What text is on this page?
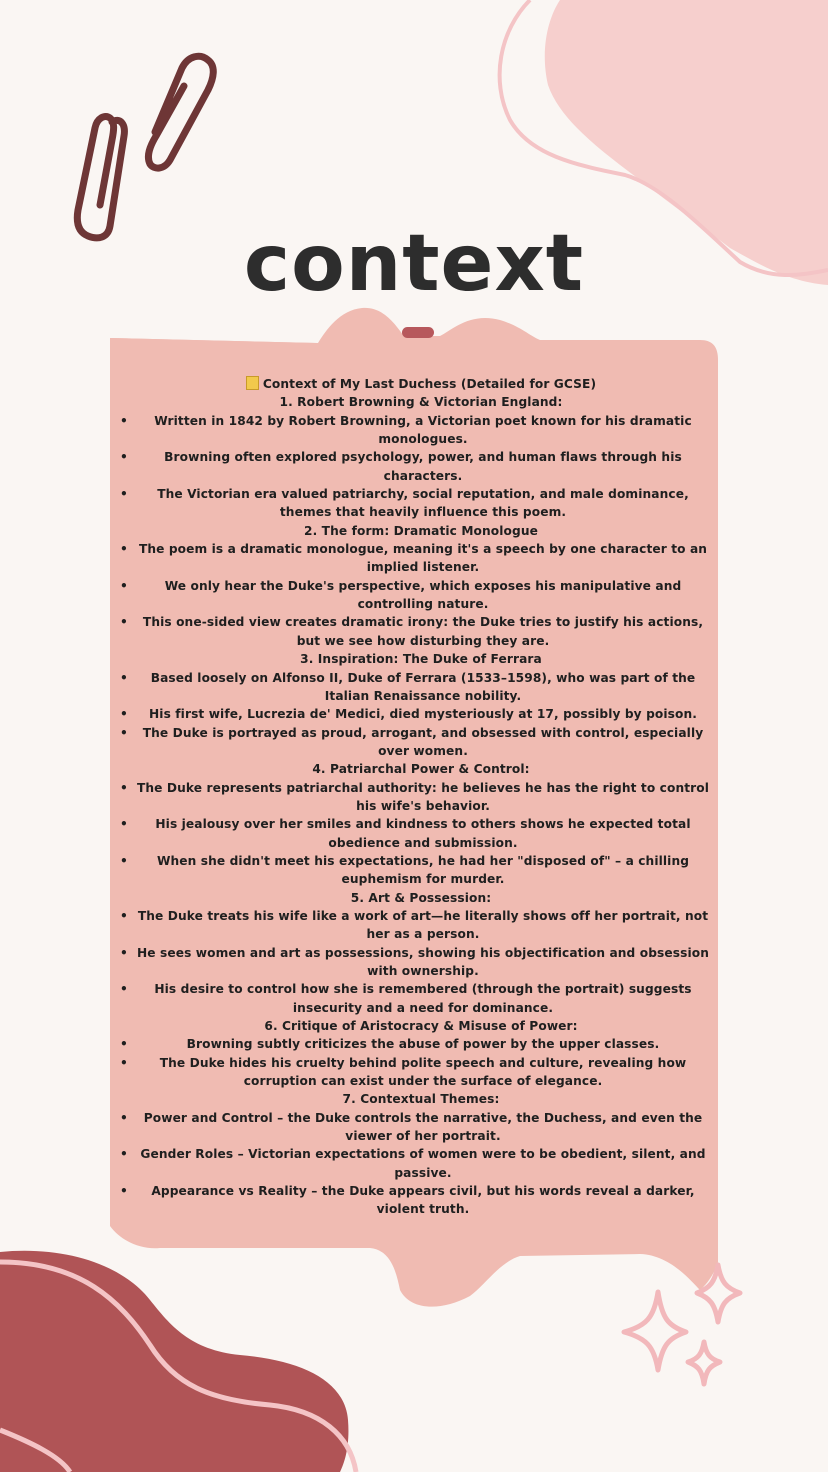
context
Context of My Last Duchess (Detailed for GCSE)
1. Robert Browning & Victorian England:
• Written in 1842 by Robert Browning, a Victorian poet known for his dramatic monologues.
• Browning often explored psychology, power, and human flaws through his characters.
• The Victorian era valued patriarchy, social reputation, and male dominance, themes that heavily influence this poem.
2. The form: Dramatic Monologue
• The poem is a dramatic monologue, meaning it's a speech by one character to an implied listener.
• We only hear the Duke's perspective, which exposes his manipulative and controlling nature.
• This one-sided view creates dramatic irony: the Duke tries to justify his actions, but we see how disturbing they are.
3. Inspiration: The Duke of Ferrara
• Based loosely on Alfonso II, Duke of Ferrara (1533–1598), who was part of the Italian Renaissance nobility.
• His first wife, Lucrezia de' Medici, died mysteriously at 17, possibly by poison.
• The Duke is portrayed as proud, arrogant, and obsessed with control, especially over women.
4. Patriarchal Power & Control:
• The Duke represents patriarchal authority: he believes he has the right to control his wife's behavior.
• His jealousy over her smiles and kindness to others shows he expected total obedience and submission.
• When she didn't meet his expectations, he had her "disposed of" – a chilling euphemism for murder.
5. Art & Possession:
• The Duke treats his wife like a work of art—he literally shows off her portrait, not her as a person.
• He sees women and art as possessions, showing his objectification and obsession with ownership.
• His desire to control how she is remembered (through the portrait) suggests insecurity and a need for dominance.
6. Critique of Aristocracy & Misuse of Power:
• Browning subtly criticizes the abuse of power by the upper classes.
• The Duke hides his cruelty behind polite speech and culture, revealing how corruption can exist under the surface of elegance.
7. Contextual Themes:
• Power and Control – the Duke controls the narrative, the Duchess, and even the viewer of her portrait.
• Gender Roles – Victorian expectations of women were to be obedient, silent, and passive.
• Appearance vs Reality – the Duke appears civil, but his words reveal a darker, violent truth.
